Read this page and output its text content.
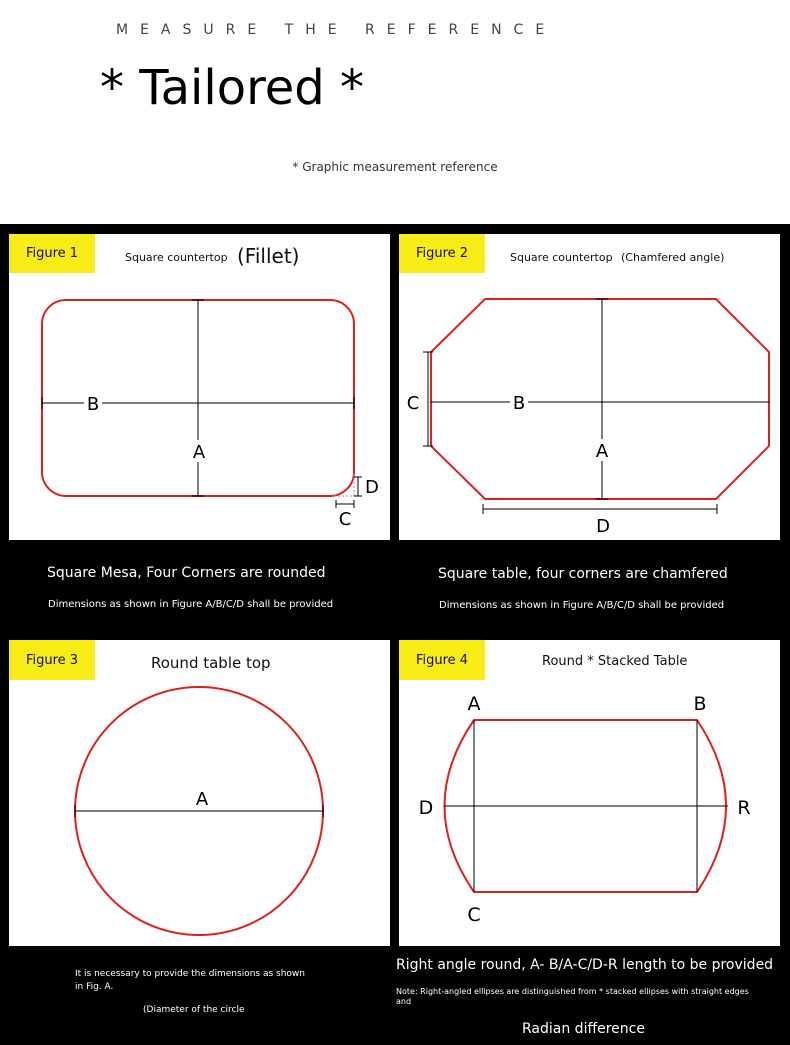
MEASURE THE REFERENCE
* Tailored *
* Graphic measurement reference
Figure 1	Square countertop (Fillet)
B
A
D
C
Figure 2	Square countertop (Chamfered angle)
B
A
C
D
Square Mesa, Four Corners are rounded
Dimensions as shown in Figure A/B/C/D shall be provided
Square table, four corners are chamfered
Dimensions as shown in Figure A/B/C/D shall be provided
Figure 3	Round table top
A
Figure 4	Round * Stacked Table
A	B
C
D	R
It is necessary to provide the dimensions as shown
in Fig. A.
(Diameter of the circle
Right angle round, A- B/A-C/D-R length to be provided
Note: Right-angled ellipses are distinguished from * stacked ellipses with straight edges
and
Radian difference
